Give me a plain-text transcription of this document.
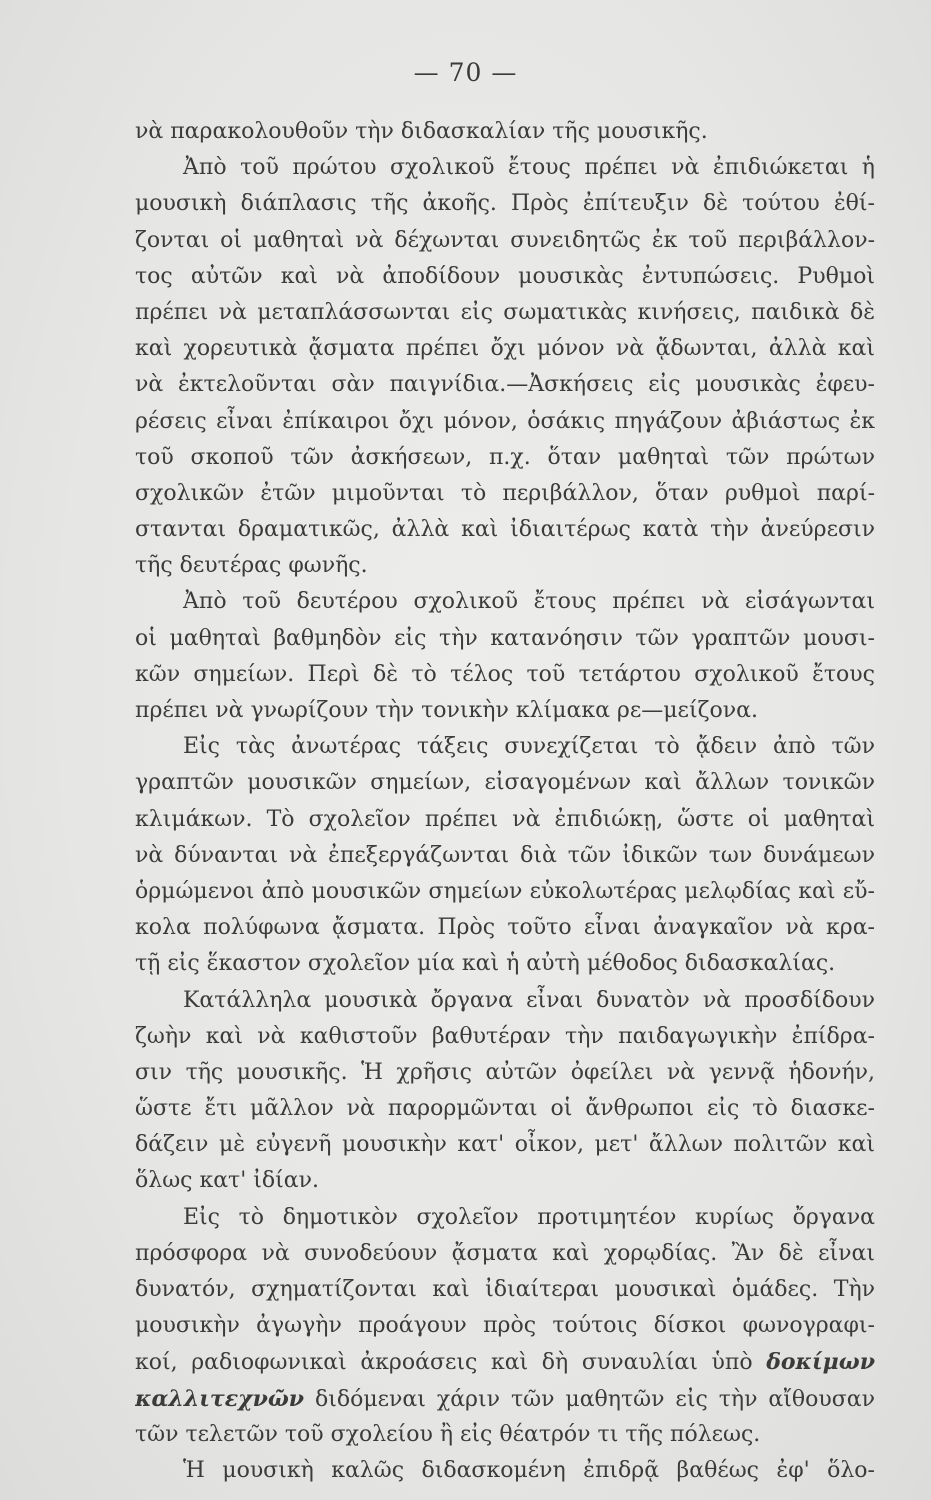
— 70 —
νὰ παρακολουθοῦν τὴν διδασκαλίαν τῆς μουσικῆς.
Ἀπὸ τοῦ πρώτου σχολικοῦ ἔτους πρέπει νὰ ἐπιδιώκεται ἡ
μουσικὴ διάπλασις τῆς ἀκοῆς. Πρὸς ἐπίτευξιν δὲ τούτου ἐθί-
ζονται οἱ μαθηταὶ νὰ δέχωνται συνειδητῶς ἐκ τοῦ περιβάλλον-
τος αὐτῶν καὶ νὰ ἀποδίδουν μουσικὰς ἐντυπώσεις. Ρυθμοὶ
πρέπει νὰ μεταπλάσσωνται εἰς σωματικὰς κινήσεις, παιδικὰ δὲ
καὶ χορευτικὰ ᾄσματα πρέπει ὄχι μόνον νὰ ᾄδωνται, ἀλλὰ καὶ
νὰ ἐκτελοῦνται σὰν παιγνίδια.—Ἀσκήσεις εἰς μουσικὰς ἐφευ-
ρέσεις εἶναι ἐπίκαιροι ὄχι μόνον, ὁσάκις πηγάζουν ἀβιάστως ἐκ
τοῦ σκοποῦ τῶν ἀσκήσεων, π.χ. ὅταν μαθηταὶ τῶν πρώτων
σχολικῶν ἐτῶν μιμοῦνται τὸ περιβάλλον, ὅταν ρυθμοὶ παρί-
στανται δραματικῶς, ἀλλὰ καὶ ἰδιαιτέρως κατὰ τὴν ἀνεύρεσιν
τῆς δευτέρας φωνῆς.
Ἀπὸ τοῦ δευτέρου σχολικοῦ ἔτους πρέπει νὰ εἰσάγωνται
οἱ μαθηταὶ βαθμηδὸν εἰς τὴν κατανόησιν τῶν γραπτῶν μουσι-
κῶν σημείων. Περὶ δὲ τὸ τέλος τοῦ τετάρτου σχολικοῦ ἔτους
πρέπει νὰ γνωρίζουν τὴν τονικὴν κλίμακα ρε—μείζονα.
Εἰς τὰς ἀνωτέρας τάξεις συνεχίζεται τὸ ᾄδειν ἀπὸ τῶν
γραπτῶν μουσικῶν σημείων, εἰσαγομένων καὶ ἄλλων τονικῶν
κλιμάκων. Τὸ σχολεῖον πρέπει νὰ ἐπιδιώκῃ, ὥστε οἱ μαθηταὶ
νὰ δύνανται νὰ ἐπεξεργάζωνται διὰ τῶν ἰδικῶν των δυνάμεων
ὁρμώμενοι ἀπὸ μουσικῶν σημείων εὐκολωτέρας μελῳδίας καὶ εὔ-
κολα πολύφωνα ᾄσματα. Πρὸς τοῦτο εἶναι ἀναγκαῖον νὰ κρα-
τῇ εἰς ἕκαστον σχολεῖον μία καὶ ἡ αὐτὴ μέθοδος διδασκαλίας.
Κατάλληλα μουσικὰ ὄργανα εἶναι δυνατὸν νὰ προσδίδουν
ζωὴν καὶ νὰ καθιστοῦν βαθυτέραν τὴν παιδαγωγικὴν ἐπίδρα-
σιν τῆς μουσικῆς. Ἡ χρῆσις αὐτῶν ὀφείλει νὰ γεννᾷ ἡδονήν,
ὥστε ἔτι μᾶλλον νὰ παρορμῶνται οἱ ἄνθρωποι εἰς τὸ διασκε-
δάζειν μὲ εὐγενῆ μουσικὴν κατ' οἶκον, μετ' ἄλλων πολιτῶν καὶ
ὅλως κατ' ἰδίαν.
Εἰς τὸ δημοτικὸν σχολεῖον προτιμητέον κυρίως ὄργανα
πρόσφορα νὰ συνοδεύουν ᾄσματα καὶ χορῳδίας. Ἂν δὲ εἶναι
δυνατόν, σχηματίζονται καὶ ἰδιαίτεραι μουσικαὶ ὁμάδες. Τὴν
μουσικὴν ἀγωγὴν προάγουν πρὸς τούτοις δίσκοι φωνογραφι-
κοί, ραδιοφωνικαὶ ἀκροάσεις καὶ δὴ συναυλίαι ὑπὸ δοκίμων
καλλιτεχνῶν διδόμεναι χάριν τῶν μαθητῶν εἰς τὴν αἴθουσαν
τῶν τελετῶν τοῦ σχολείου ἢ εἰς θέατρόν τι τῆς πόλεως.
Ἡ μουσικὴ καλῶς διδασκομένη ἐπιδρᾷ βαθέως ἐφ' ὅλο-
